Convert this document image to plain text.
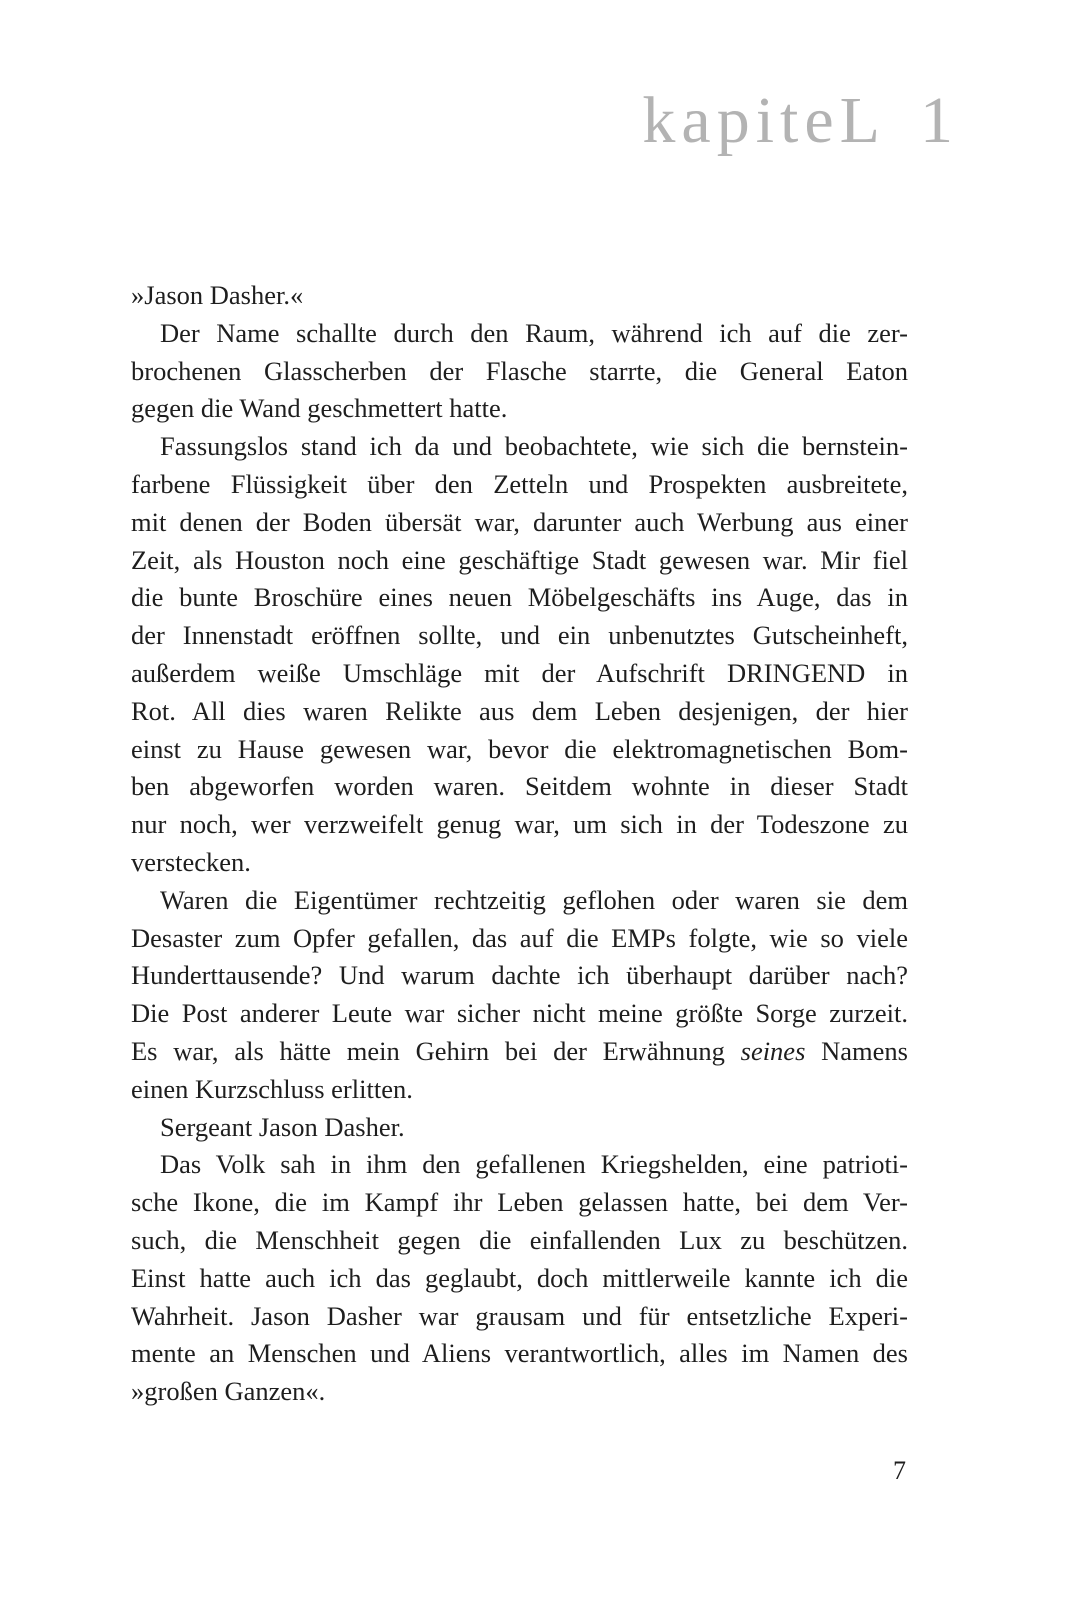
kapiteL 1
»Jason Dasher.«
Der Name schallte durch den Raum, während ich auf die zer-
brochenen Glasscherben der Flasche starrte, die General Eaton
gegen die Wand geschmettert hatte.
Fassungslos stand ich da und beobachtete, wie sich die bernstein-
farbene Flüssigkeit über den Zetteln und Prospekten ausbreitete,
mit denen der Boden übersät war, darunter auch Werbung aus einer
Zeit, als Houston noch eine geschäftige Stadt gewesen war. Mir fiel
die bunte Broschüre eines neuen Möbelgeschäfts ins Auge, das in
der Innenstadt eröffnen sollte, und ein unbenutztes Gutscheinheft,
außerdem weiße Umschläge mit der Aufschrift DRINGEND in
Rot. All dies waren Relikte aus dem Leben desjenigen, der hier
einst zu Hause gewesen war, bevor die elektromagnetischen Bom-
ben abgeworfen worden waren. Seitdem wohnte in dieser Stadt
nur noch, wer verzweifelt genug war, um sich in der Todeszone zu
verstecken.
Waren die Eigentümer rechtzeitig geflohen oder waren sie dem
Desaster zum Opfer gefallen, das auf die EMPs folgte, wie so viele
Hunderttausende? Und warum dachte ich überhaupt darüber nach?
Die Post anderer Leute war sicher nicht meine größte Sorge zurzeit.
Es war, als hätte mein Gehirn bei der Erwähnung seines Namens
einen Kurzschluss erlitten.
Sergeant Jason Dasher.
Das Volk sah in ihm den gefallenen Kriegshelden, eine patrioti-
sche Ikone, die im Kampf ihr Leben gelassen hatte, bei dem Ver-
such, die Menschheit gegen die einfallenden Lux zu beschützen.
Einst hatte auch ich das geglaubt, doch mittlerweile kannte ich die
Wahrheit. Jason Dasher war grausam und für entsetzliche Experi-
mente an Menschen und Aliens verantwortlich, alles im Namen des
»großen Ganzen«.
7
